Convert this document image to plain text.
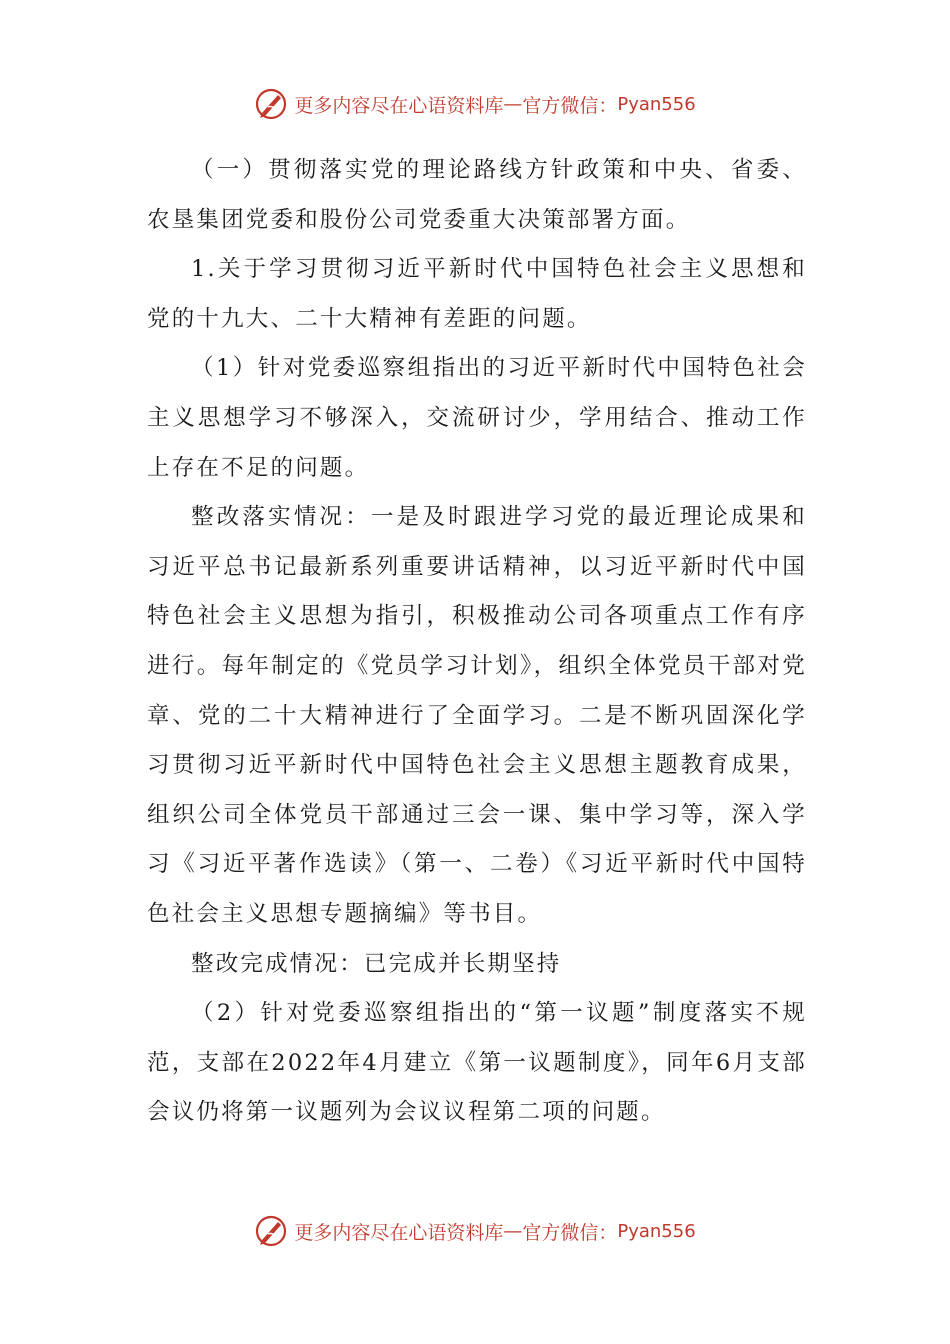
更多内容尽在心语资料库 — 官方微信： Pyan556

（一）贯彻落实党的理论路线方针政策和中央、省委、农垦集团党委和股份公司党委重大决策部署方面。

1.关于学习贯彻习近平新时代中国特色社会主义思想和党的十九大、二十大精神有差距的问题。

（1）针对党委巡察组指出的习近平新时代中国特色社会主义思想学习不够深入，交流研讨少，学用结合、推动工作上存在不足的问题。

整改落实情况：一是及时跟进学习党的最近理论成果和习近平总书记最新系列重要讲话精神，以习近平新时代中国特色社会主义思想为指引，积极推动公司各项重点工作有序进行。每年制定的《党员学习计划》，组织全体党员干部对党章、党的二十大精神进行了全面学习。二是不断巩固深化学习贯彻习近平新时代中国特色社会主义思想主题教育成果，组织公司全体党员干部通过三会一课、集中学习等，深入学习《习近平著作选读》（第一、二卷）《习近平新时代中国特色社会主义思想专题摘编》等书目。

整改完成情况：已完成并长期坚持

（2）针对党委巡察组指出的“第一议题”制度落实不规范，支部在2022年4月建立《第一议题制度》，同年6月支部会议仍将第一议题列为会议议程第二项的问题。

更多内容尽在心语资料库 — 官方微信： Pyan556
